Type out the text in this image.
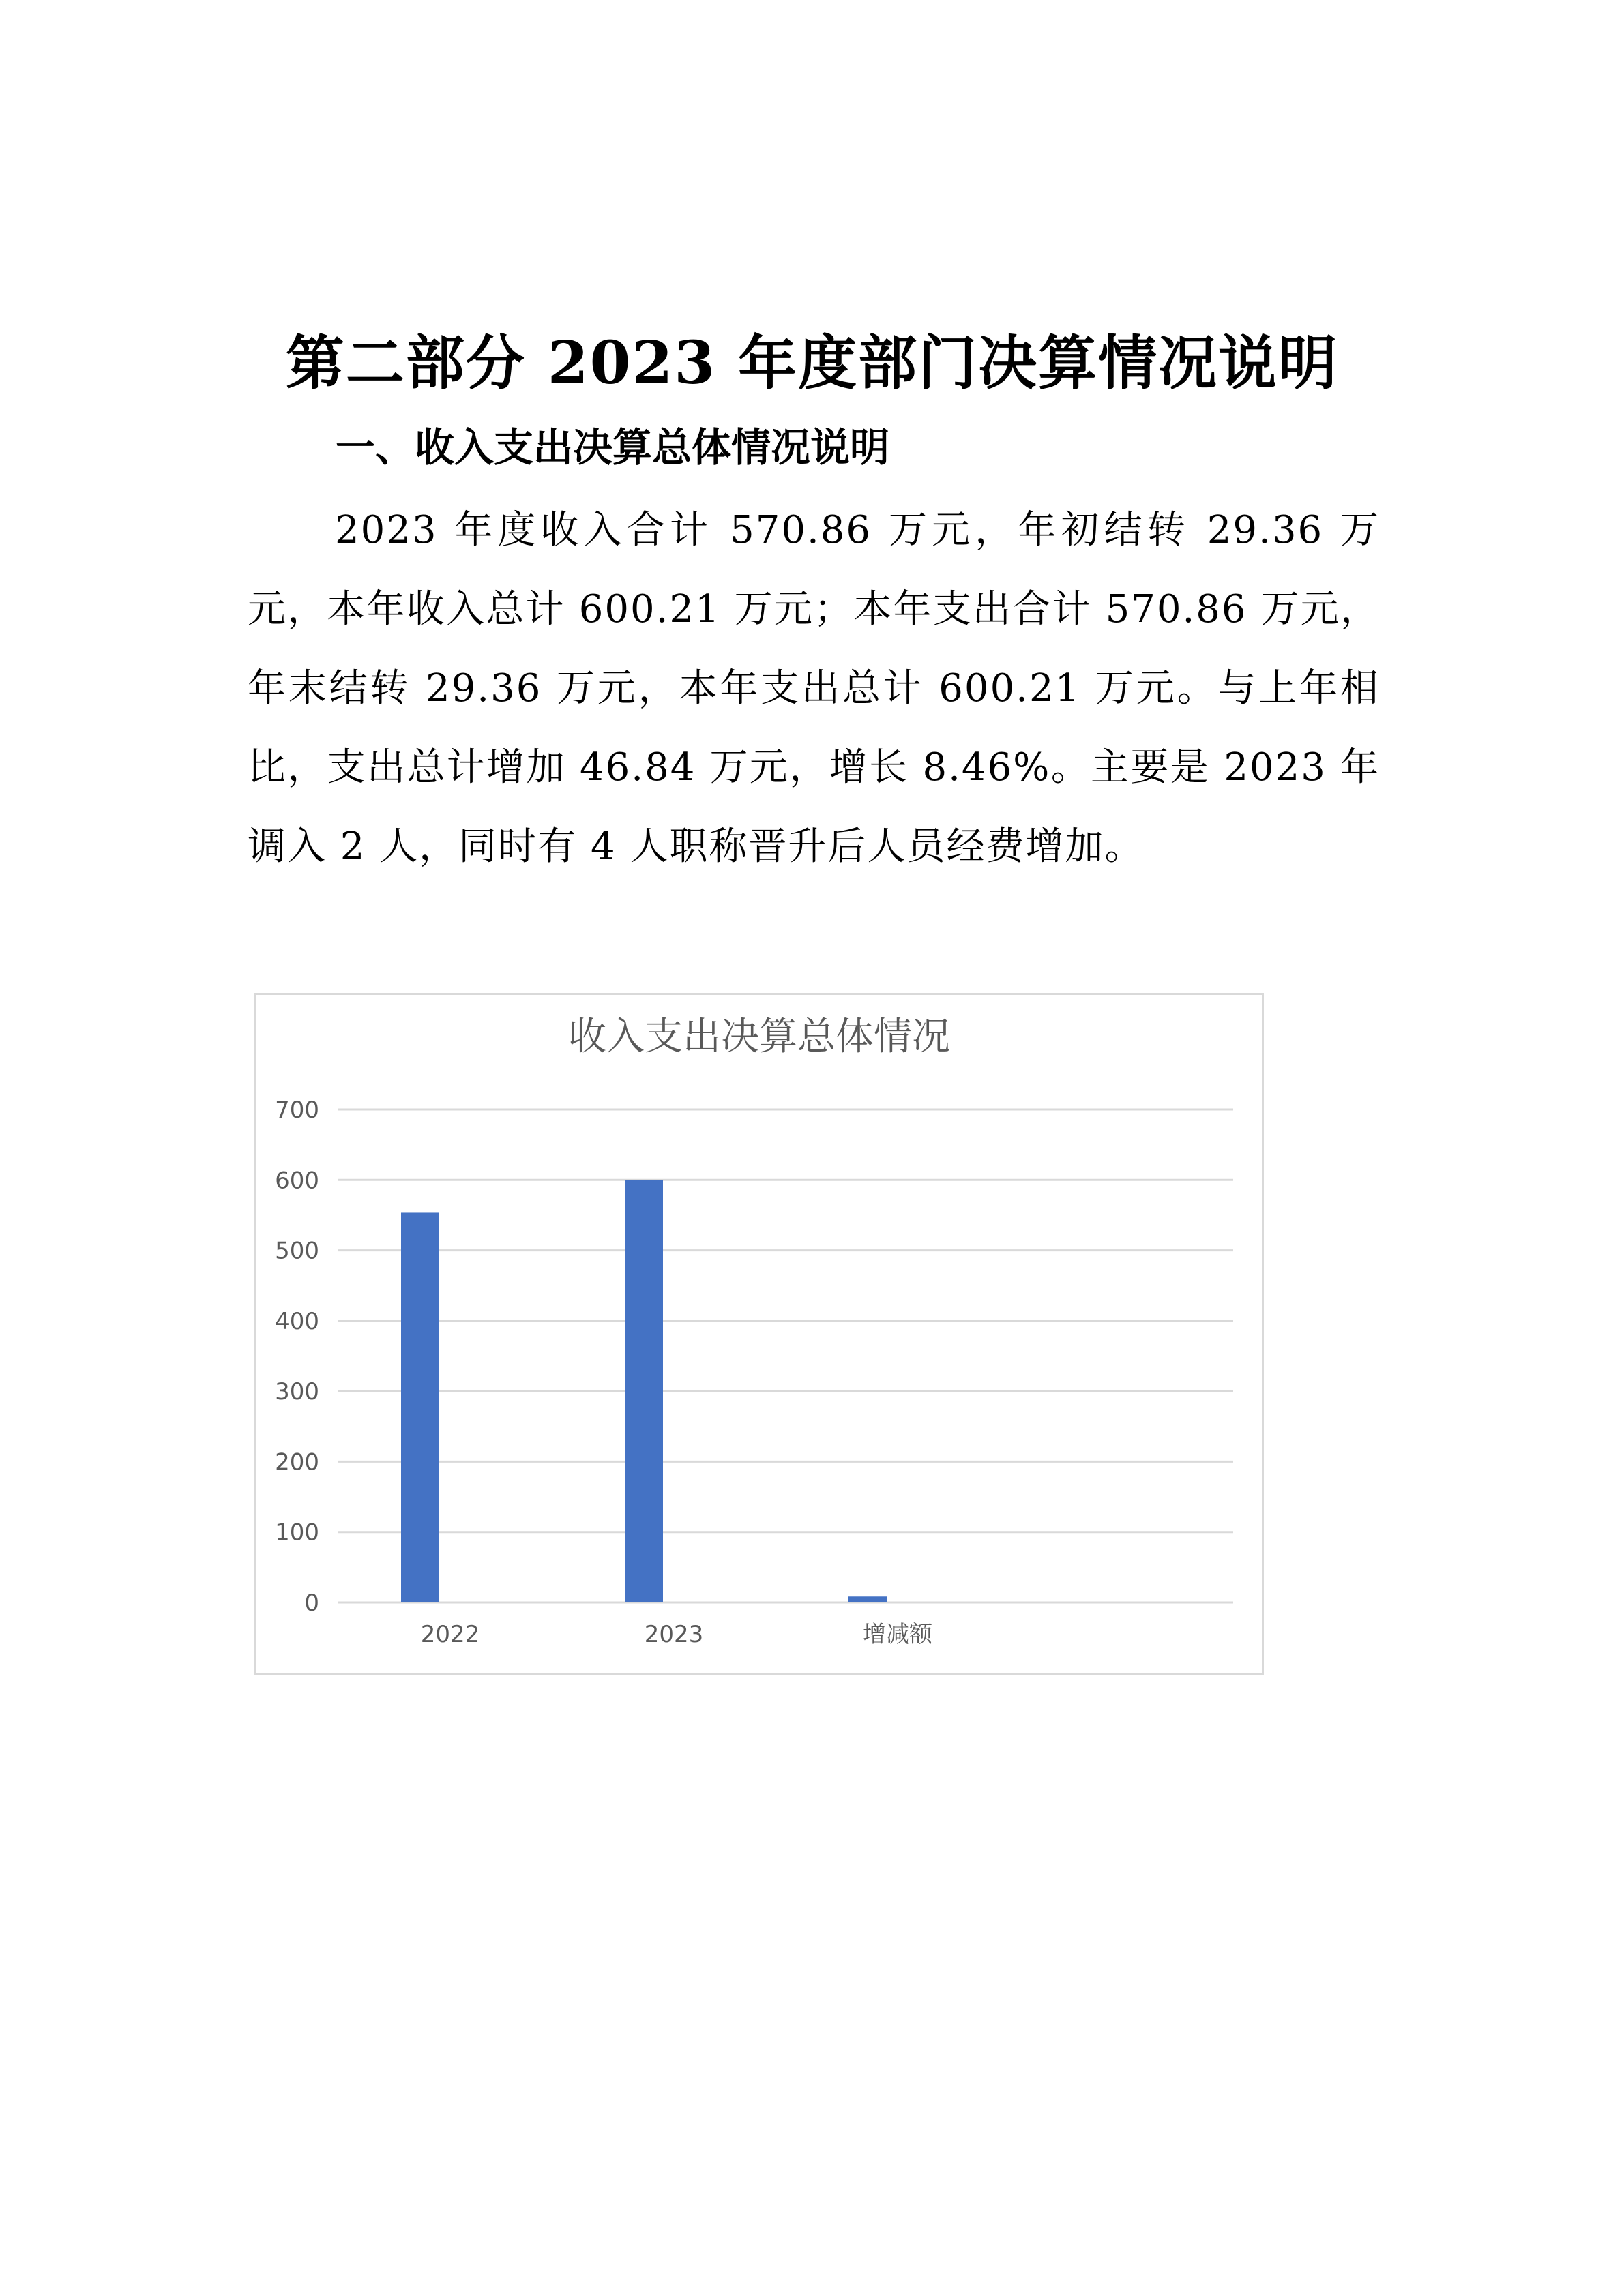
第二部分 2023 年度部门决算情况说明
一、收入支出决算总体情况说明

2023 年度收入合计 570.86 万元，年初结转 29.36 万元，本年收入总计 600.21 万元；本年支出合计 570.86 万元，年末结转 29.36 万元，本年支出总计 600.21 万元。与上年相比，支出总计增加 46.84 万元，增长 8.46%。主要是 2023 年调入 2 人，同时有 4 人职称晋升后人员经费增加。

收入支出决算总体情况
0
100
200
300
400
500
600
700
2022	2023	增减额
